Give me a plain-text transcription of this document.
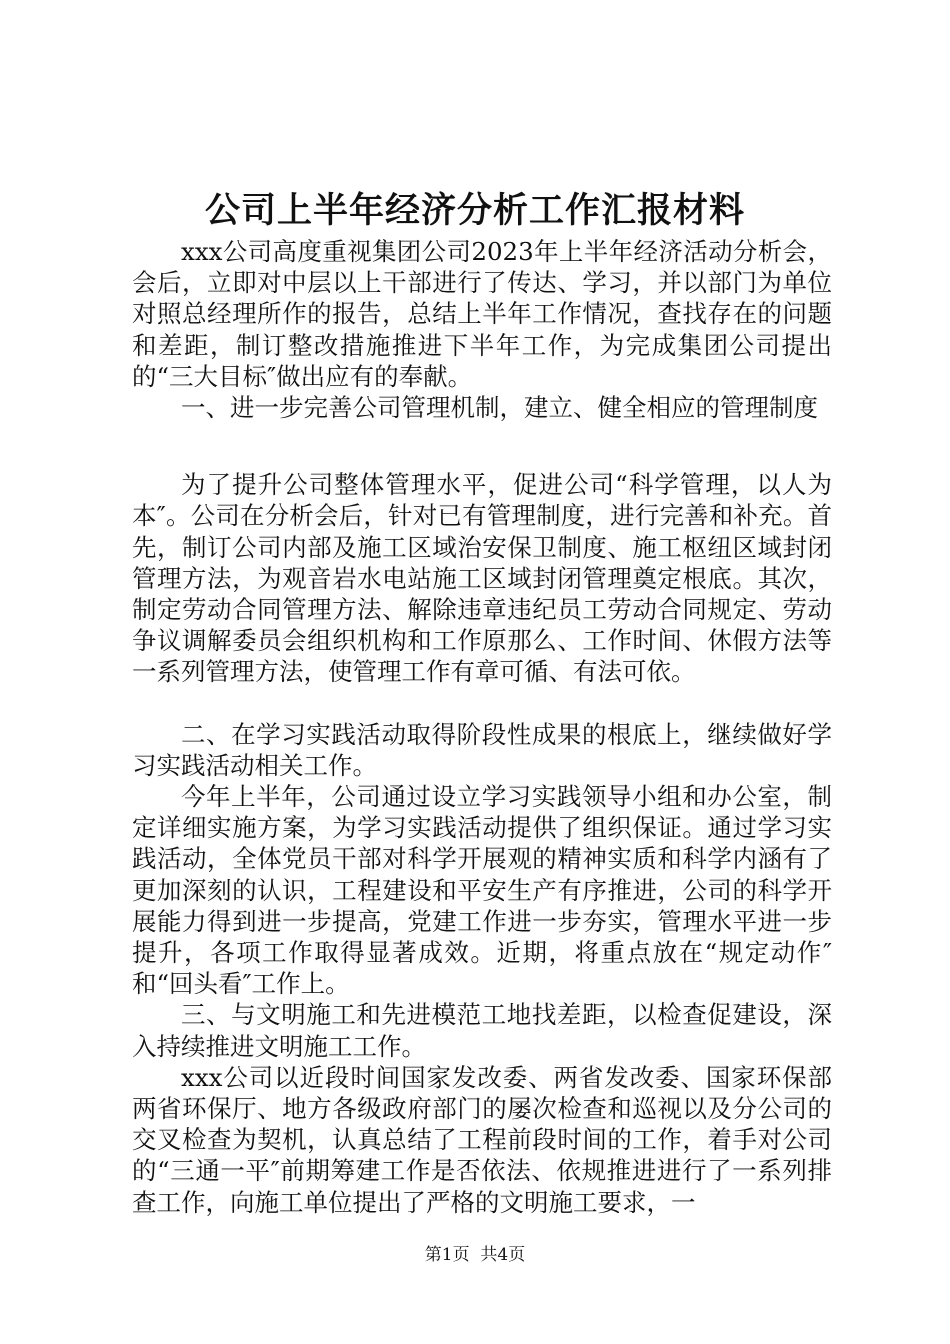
公司上半年经济分析工作汇报材料

xxx公司高度重视集团公司2023年上半年经济活动分析会，会后，立即对中层以上干部进行了传达、学习，并以部门为单位对照总经理所作的报告，总结上半年工作情况，查找存在的问题和差距，制订整改措施推进下半年工作，为完成集团公司提出的“三大目标″做出应有的奉献。

一、进一步完善公司管理机制，建立、健全相应的管理制度

为了提升公司整体管理水平，促进公司“科学管理，以人为本″。公司在分析会后，针对已有管理制度，进行完善和补充。首先，制订公司内部及施工区域治安保卫制度、施工枢纽区域封闭管理方法，为观音岩水电站施工区域封闭管理奠定根底。其次，制定劳动合同管理方法、解除违章违纪员工劳动合同规定、劳动争议调解委员会组织机构和工作原那么、工作时间、休假方法等一系列管理方法，使管理工作有章可循、有法可依。

二、在学习实践活动取得阶段性成果的根底上，继续做好学习实践活动相关工作。

今年上半年，公司通过设立学习实践领导小组和办公室，制定详细实施方案，为学习实践活动提供了组织保证。通过学习实践活动，全体党员干部对科学开展观的精神实质和科学内涵有了更加深刻的认识，工程建设和平安生产有序推进，公司的科学开展能力得到进一步提高，党建工作进一步夯实，管理水平进一步提升，各项工作取得显著成效。近期，将重点放在“规定动作″和“回头看″工作上。

三、与文明施工和先进模范工地找差距，以检查促建设，深入持续推进文明施工工作。

xxx公司以近段时间国家发改委、两省发改委、国家环保部两省环保厅、地方各级政府部门的屡次检查和巡视以及分公司的交叉检查为契机，认真总结了工程前段时间的工作，着手对公司的“三通一平″前期筹建工作是否依法、依规推进进行了一系列排查工作，向施工单位提出了严格的文明施工要求，一

第1页 共4页
